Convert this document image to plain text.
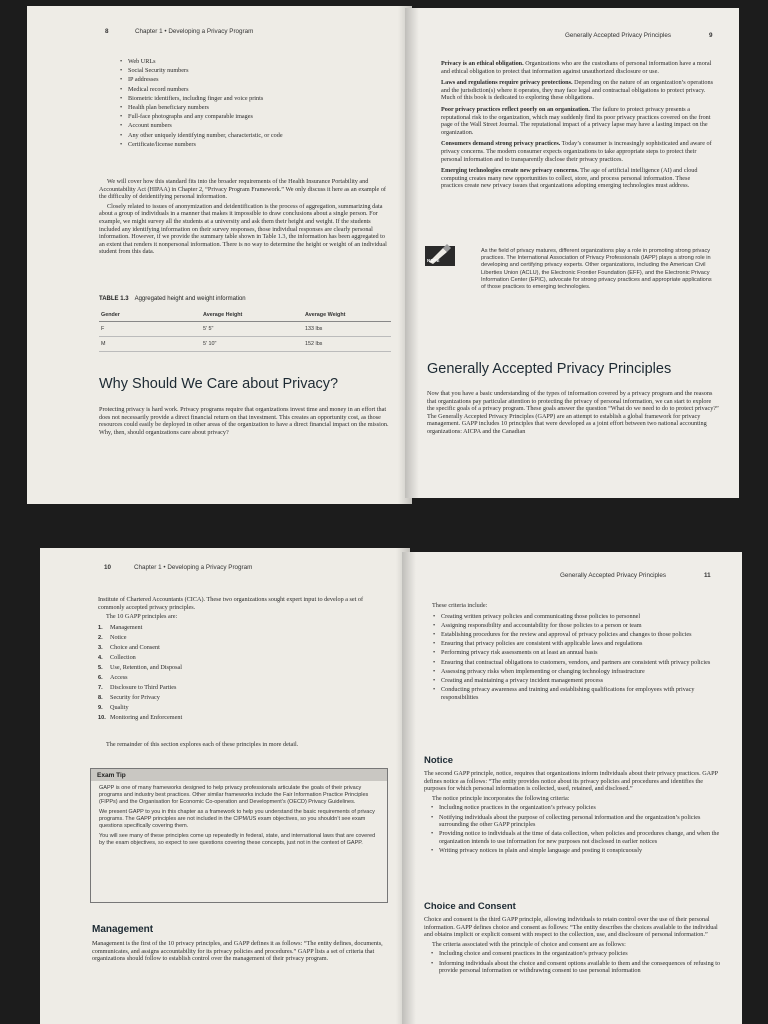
8	Chapter 1 • Developing a Privacy Program
• Web URLs
• Social Security numbers
• IP addresses
• Medical record numbers
• Biometric identifiers, including finger and voice prints
• Health plan beneficiary numbers
• Full-face photographs and any comparable images
• Account numbers
• Any other uniquely identifying number, characteristic, or code
• Certificate/license numbers

We will cover how this standard fits into the broader requirements of the Health Insurance Portability and Accountability Act (HIPAA) in Chapter 2, “Privacy Program Framework.” We only discuss it here as an example of the difficulty of deidentifying personal information.

Closely related to issues of anonymization and deidentification is the process of aggregation, summarizing data about a group of individuals in a manner that makes it impossible to draw conclusions about a single person. For example, we might survey all the students at a university and ask them their height and weight. If the students included any identifying information on their survey responses, those individual responses are clearly personal information. However, if we provide the summary table shown in Table 1.3, the information has been aggregated to an extent that renders it nonpersonal information. There is no way to determine the height or weight of an individual student from this data.

TABLE 1.3 Aggregated height and weight information
Gender	Average Height	Average Weight
F	5' 5"	133 lbs
M	5' 10"	152 lbs
Why Should We Care about Privacy?

Protecting privacy is hard work. Privacy programs require that organizations invest time and money in an effort that does not necessarily provide a direct financial return on that investment. This creates an opportunity cost, as those resources could easily be deployed in other areas of the organization to have a direct financial impact on the mission. Why, then, should organizations care about privacy?

Generally Accepted Privacy Principles	9

Privacy is an ethical obligation. Organizations who are the custodians of personal information have a moral and ethical obligation to protect that information against unauthorized disclosure or use.

Laws and regulations require privacy protections. Depending on the nature of an organization’s operations and the jurisdiction(s) where it operates, they may face legal and contractual obligations to protect privacy. Much of this book is dedicated to exploring these obligations.

Poor privacy practices reflect poorly on an organization. The failure to protect privacy presents a reputational risk to the organization, which may suddenly find its poor privacy practices covered on the front page of the Wall Street Journal. The reputational impact of a privacy lapse may have a lasting impact on the organization.

Consumers demand strong privacy practices. Today’s consumer is increasingly sophisticated and aware of privacy concerns. The modern consumer expects organizations to take appropriate steps to protect their personal information and to transparently disclose their privacy practices.

Emerging technologies create new privacy concerns. The age of artificial intelligence (AI) and cloud computing creates many new opportunities to collect, store, and process personal information. These practices create new privacy issues that organizations adopting emerging technologies must address.

NOTE
As the field of privacy matures, different organizations play a role in promoting strong privacy practices. The International Association of Privacy Professionals (IAPP) plays a strong role in developing and certifying privacy experts. Other organizations, including the American Civil Liberties Union (ACLU), the Electronic Frontier Foundation (EFF), and the Electronic Privacy Information Center (EPIC), advocate for strong privacy practices and appropriate applications of those practices to emerging technologies.
Generally Accepted Privacy Principles

Now that you have a basic understanding of the types of information covered by a privacy program and the reasons that organizations pay particular attention to protecting the privacy of personal information, we can start to explore the specific goals of a privacy program. These goals answer the question “What do we need to do to protect privacy?” The Generally Accepted Privacy Principles (GAPP) are an attempt to establish a global framework for privacy management. GAPP includes 10 principles that were developed as a joint effort between two national accounting organizations: AICPA and the Canadian

10	Chapter 1 • Developing a Privacy Program

Institute of Chartered Accountants (CICA). These two organizations sought expert input to develop a set of commonly accepted privacy principles.

The 10 GAPP principles are:

1. Management
2. Notice
3. Choice and Consent
4. Collection
5. Use, Retention, and Disposal
6. Access
7. Disclosure to Third Parties
8. Security for Privacy
9. Quality
10. Monitoring and Enforcement

The remainder of this section explores each of these principles in more detail.

Exam Tip

GAPP is one of many frameworks designed to help privacy professionals articulate the goals of their privacy programs and industry best practices. Other similar frameworks include the Fair Information Practice Principles (FIPPs) and the Organisation for Economic Co-operation and Development’s (OECD) Privacy Guidelines.

We present GAPP to you in this chapter as a framework to help you understand the basic requirements of privacy programs. The GAPP principles are not included in the CIPM/US exam objectives, so you shouldn’t see exam questions specifically covering them.

You will see many of these principles come up repeatedly in federal, state, and international laws that are covered by the exam objectives, so expect to see questions covering these concepts, just not in the context of GAPP.

Management

Management is the first of the 10 privacy principles, and GAPP defines it as follows: “The entity defines, documents, communicates, and assigns accountability for its privacy policies and procedures.” GAPP lists a set of criteria that organizations should follow to establish control over the management of their privacy program.

Generally Accepted Privacy Principles	11

These criteria include:

• Creating written privacy policies and communicating those policies to personnel
• Assigning responsibility and accountability for those policies to a person or team
• Establishing procedures for the review and approval of privacy policies and changes to those policies
• Ensuring that privacy policies are consistent with applicable laws and regulations
• Performing privacy risk assessments on at least an annual basis
• Ensuring that contractual obligations to customers, vendors, and partners are consistent with privacy policies
• Assessing privacy risks when implementing or changing technology infrastructure
• Creating and maintaining a privacy incident management process
• Conducting privacy awareness and training and establishing qualifications for employees with privacy responsibilities
Notice

The second GAPP principle, notice, requires that organizations inform individuals about their privacy practices. GAPP defines notice as follows: “The entity provides notice about its privacy policies and procedures and identifies the purposes for which personal information is collected, used, retained, and disclosed.”

The notice principle incorporates the following criteria:

• Including notice practices in the organization’s privacy policies
• Notifying individuals about the purpose of collecting personal information and the organization’s policies surrounding the other GAPP principles
• Providing notice to individuals at the time of data collection, when policies and procedures change, and when the organization intends to use information for new purposes not disclosed in earlier notices
• Writing privacy notices in plain and simple language and posting it conspicuously
Choice and Consent

Choice and consent is the third GAPP principle, allowing individuals to retain control over the use of their personal information. GAPP defines choice and consent as follows: “The entity describes the choices available to the individual and obtains implicit or explicit consent with respect to the collection, use, and disclosure of personal information.”

The criteria associated with the principle of choice and consent are as follows:

• Including choice and consent practices in the organization’s privacy policies
• Informing individuals about the choice and consent options available to them and the consequences of refusing to provide personal information or withdrawing consent to use personal information
